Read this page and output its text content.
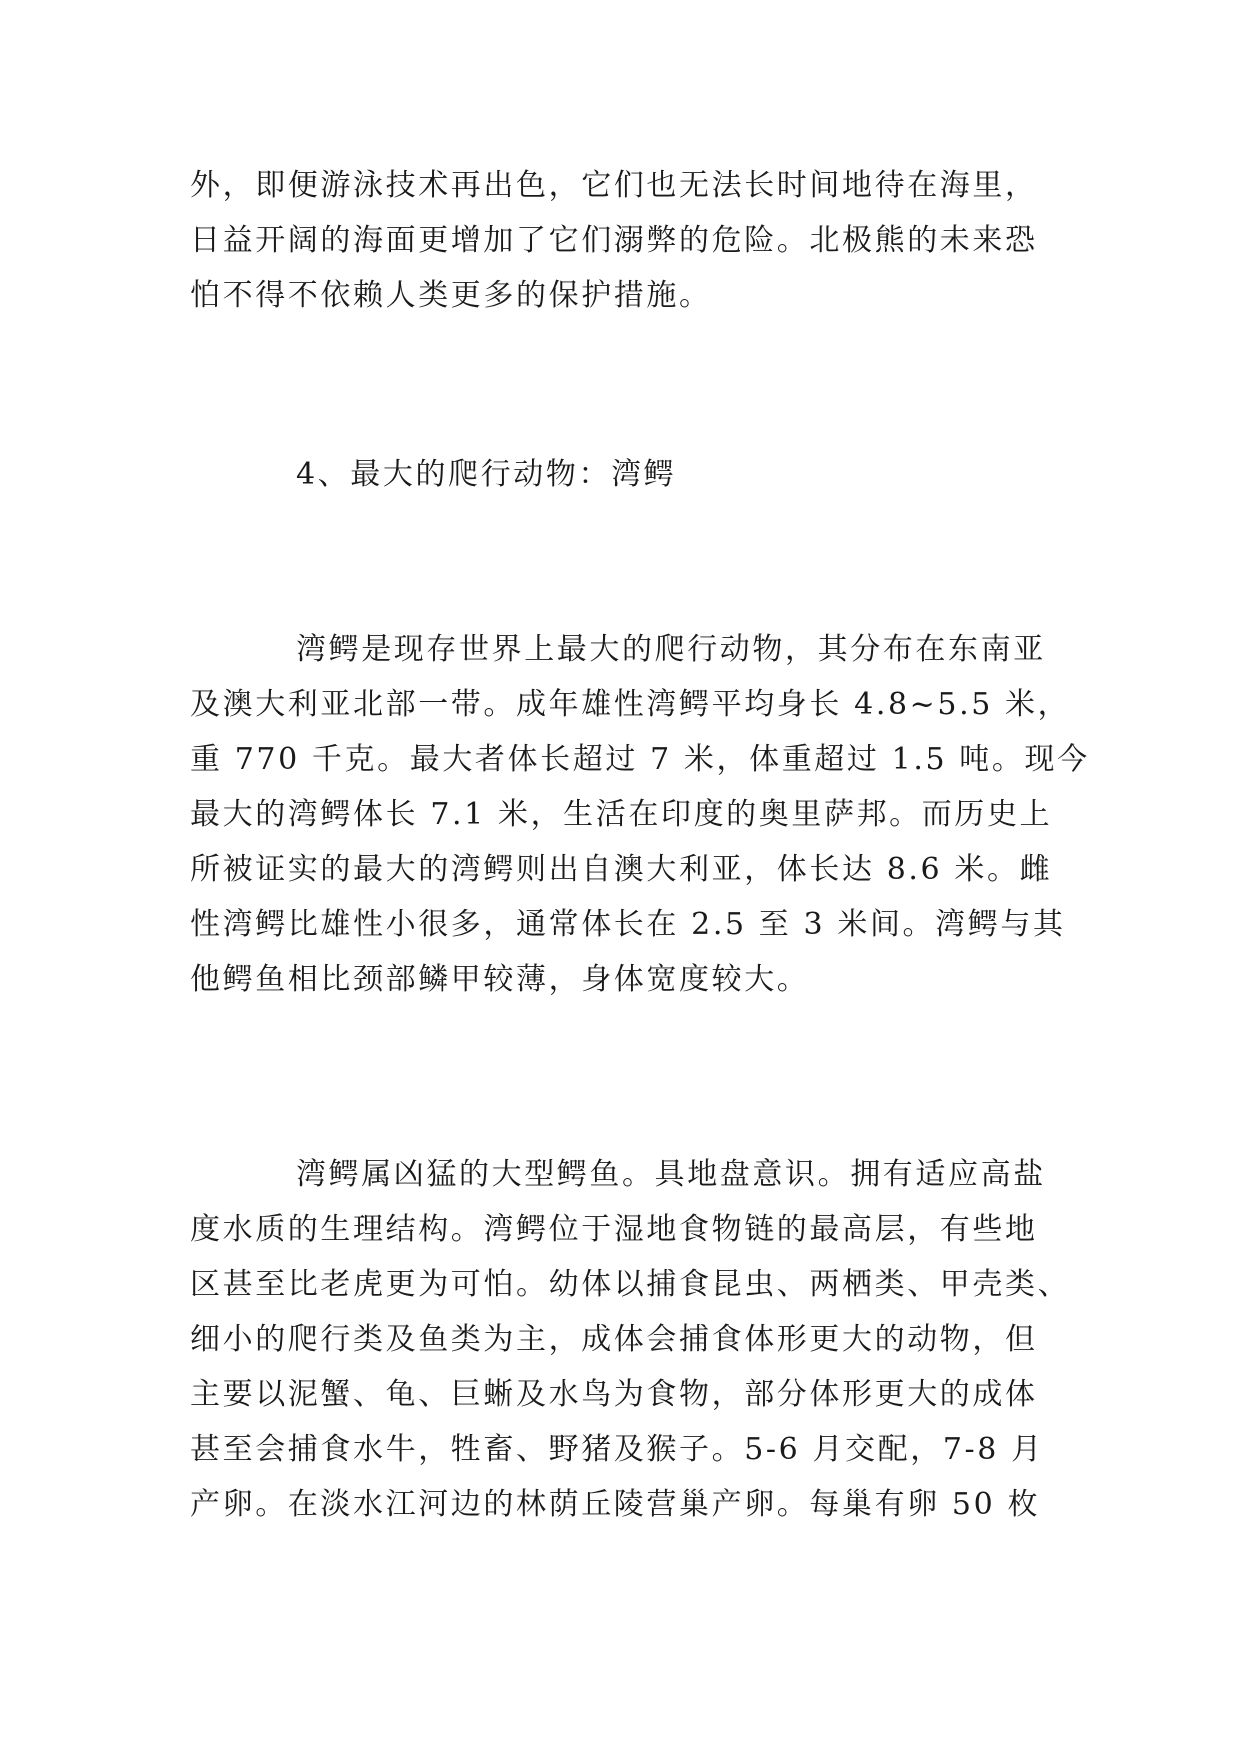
外，即便游泳技术再出色，它们也无法长时间地待在海里，
日益开阔的海面更增加了它们溺弊的危险。北极熊的未来恐
怕不得不依赖人类更多的保护措施。
4、最大的爬行动物：湾鳄
湾鳄是现存世界上最大的爬行动物，其分布在东南亚
及澳大利亚北部一带。成年雄性湾鳄平均身长 4.8~5.5 米，
重 770 千克。最大者体长超过 7 米，体重超过 1.5 吨。现今
最大的湾鳄体长 7.1 米，生活在印度的奥里萨邦。而历史上
所被证实的最大的湾鳄则出自澳大利亚，体长达 8.6 米。雌
性湾鳄比雄性小很多，通常体长在 2.5 至 3 米间。湾鳄与其
他鳄鱼相比颈部鳞甲较薄，身体宽度较大。
湾鳄属凶猛的大型鳄鱼。具地盘意识。拥有适应高盐
度水质的生理结构。湾鳄位于湿地食物链的最高层，有些地
区甚至比老虎更为可怕。幼体以捕食昆虫、两栖类、甲壳类、
细小的爬行类及鱼类为主，成体会捕食体形更大的动物，但
主要以泥蟹、龟、巨蜥及水鸟为食物，部分体形更大的成体
甚至会捕食水牛，牲畜、野猪及猴子。5-6 月交配，7-8 月
产卵。在淡水江河边的林荫丘陵营巢产卵。每巢有卵 50 枚
